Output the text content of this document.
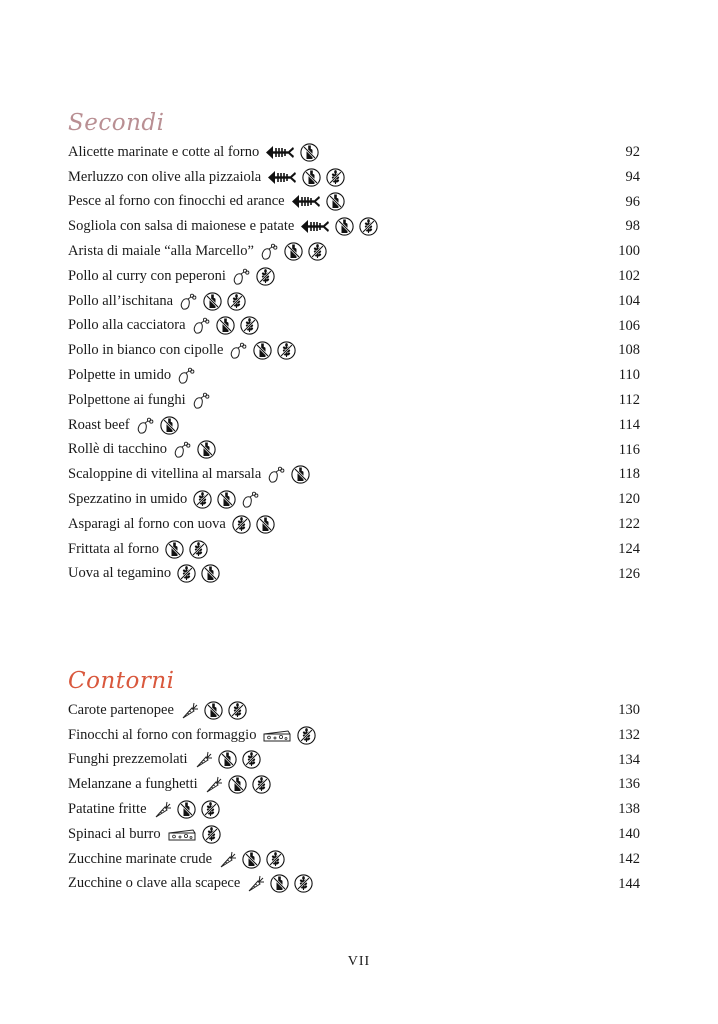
Secondi
Alicette marinate e cotte al forno	92
Merluzzo con olive alla pizzaiola	94
Pesce al forno con finocchi ed arance	96
Sogliola con salsa di maionese e patate	98
Arista di maiale “alla Marcello”	100
Pollo al curry con peperoni	102
Pollo all’ischitana	104
Pollo alla cacciatora	106
Pollo in bianco con cipolle	108
Polpette in umido	110
Polpettone ai funghi	112
Roast beef	114
Rollè di tacchino	116
Scaloppine di vitellina al marsala	118
Spezzatino in umido	120
Asparagi al forno con uova	122
Frittata al forno	124
Uova al tegamino	126
Contorni
Carote partenopee	130
Finocchi al forno con formaggio	132
Funghi prezzemolati	134
Melanzane a funghetti	136
Patatine fritte	138
Spinaci al burro	140
Zucchine marinate crude	142
Zucchine o clave alla scapece	144
VII
